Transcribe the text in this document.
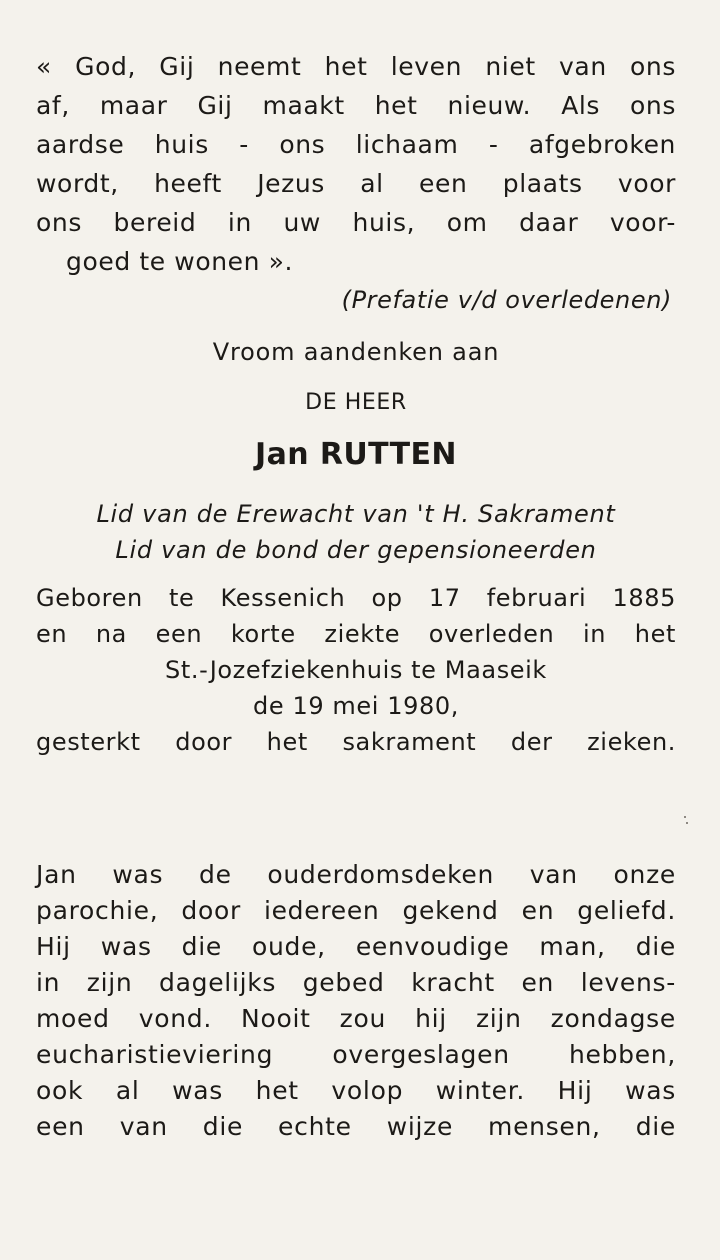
« God, Gij neemt het leven niet van ons

af, maar Gij maakt het nieuw. Als ons

aardse huis - ons lichaam - afgebroken

wordt, heeft Jezus al een plaats voor

ons bereid in uw huis, om daar voor-

goed te wonen ».

(Prefatie v/d overledenen)

Vroom aandenken aan

DE HEER

Jan RUTTEN

Lid van de Erewacht van 't H. Sakrament

Lid van de bond der gepensioneerden

Geboren te Kessenich op 17 februari 1885

en na een korte ziekte overleden in het

St.-Jozefziekenhuis te Maaseik

de 19 mei 1980,

gesterkt door het sakrament der zieken.

Jan was de ouderdomsdeken van onze

parochie, door iedereen gekend en geliefd.

Hij was die oude, eenvoudige man, die

in zijn dagelijks gebed kracht en levens-

moed vond. Nooit zou hij zijn zondagse

eucharistieviering overgeslagen hebben,

ook al was het volop winter. Hij was

een van die echte wijze mensen, die
